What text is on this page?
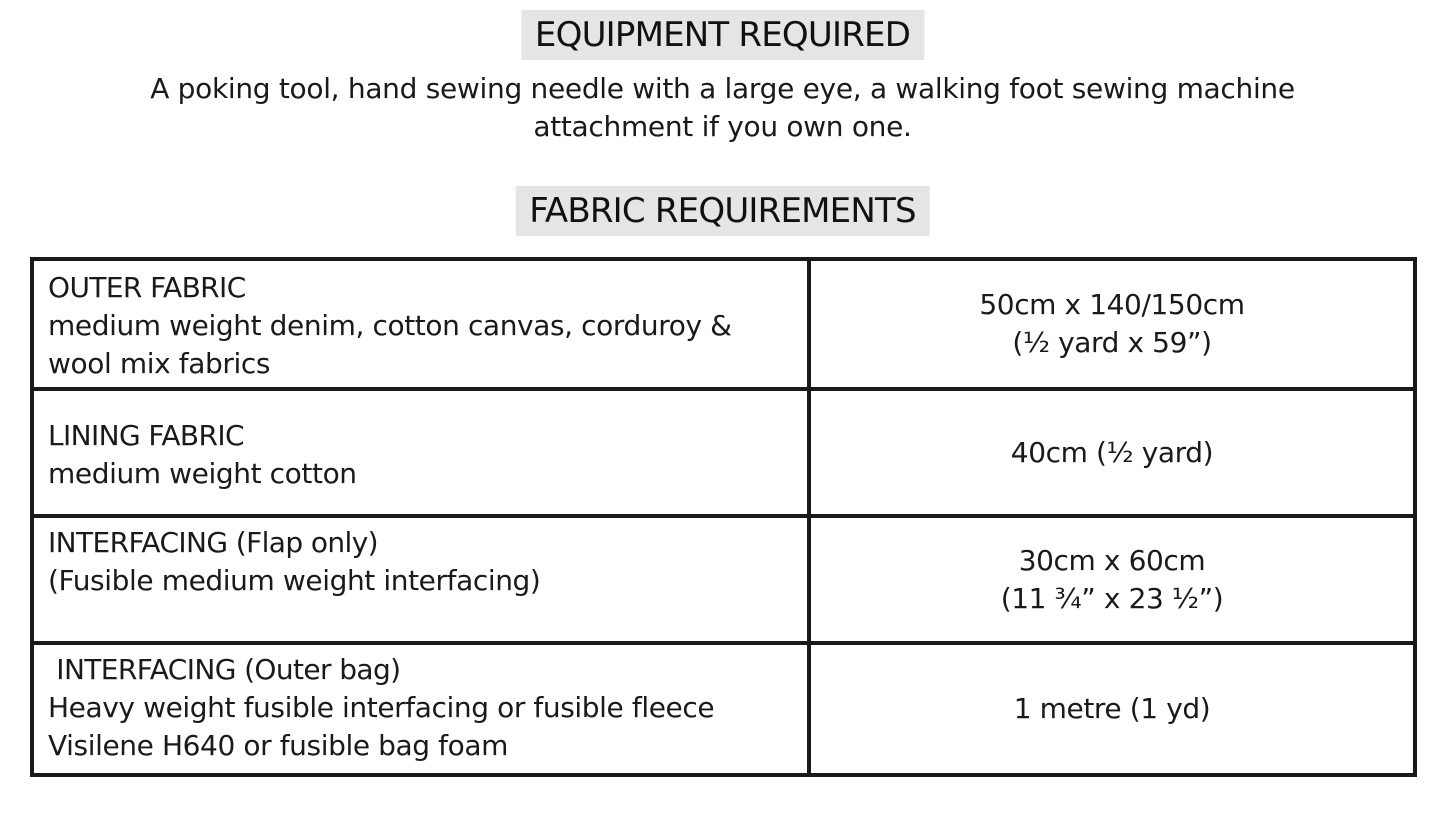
EQUIPMENT REQUIRED
A poking tool, hand sewing needle with a large eye, a walking foot sewing machine
attachment if you own one.
FABRIC REQUIREMENTS
OUTER FABRIC
medium weight denim, cotton canvas, corduroy & wool mix fabrics	50cm x 140/150cm
(½ yard x 59”)

LINING FABRIC
medium weight cotton	40cm (½ yard)

INTERFACING (Flap only)
(Fusible medium weight interfacing)	30cm x 60cm
(11 ¾” x 23 ½”)

INTERFACING (Outer bag)
Heavy weight fusible interfacing or fusible fleece Visilene H640 or fusible bag foam	1 metre (1 yd)
